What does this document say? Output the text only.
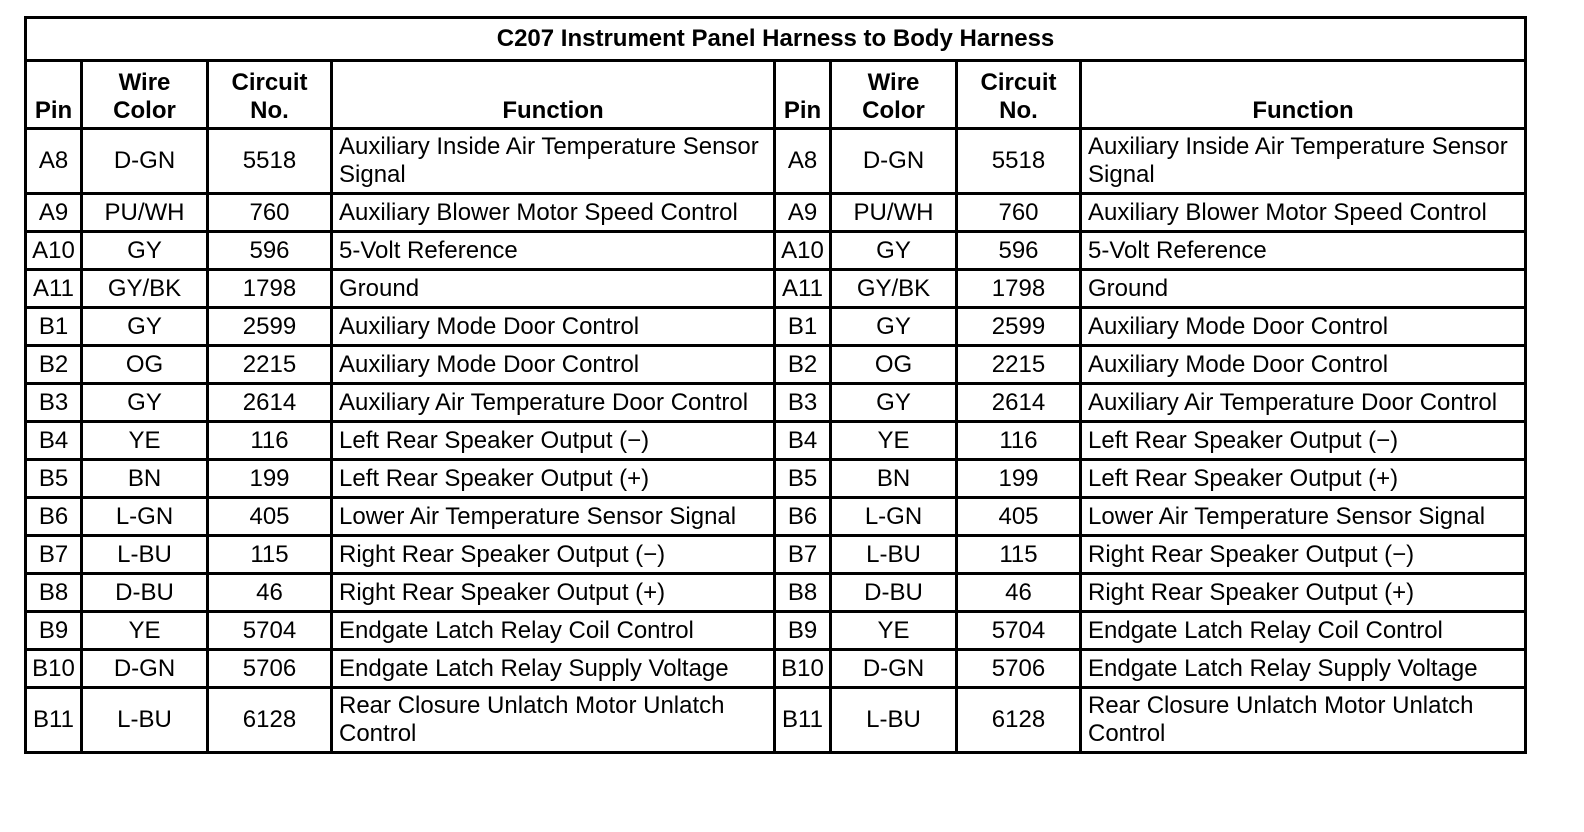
C207 Instrument Panel Harness to Body Harness							
Pin	Wire Color	Circuit No.	Function	Pin	Wire Color	Circuit No.	Function
A8	D-GN	5518	Auxiliary Inside Air Temperature Sensor Signal	A8	D-GN	5518	Auxiliary Inside Air Temperature Sensor Signal
A9	PU/WH	760	Auxiliary Blower Motor Speed Control	A9	PU/WH	760	Auxiliary Blower Motor Speed Control
A10	GY	596	5-Volt Reference	A10	GY	596	5-Volt Reference
A11	GY/BK	1798	Ground	A11	GY/BK	1798	Ground
B1	GY	2599	Auxiliary Mode Door Control	B1	GY	2599	Auxiliary Mode Door Control
B2	OG	2215	Auxiliary Mode Door Control	B2	OG	2215	Auxiliary Mode Door Control
B3	GY	2614	Auxiliary Air Temperature Door Control	B3	GY	2614	Auxiliary Air Temperature Door Control
B4	YE	116	Left Rear Speaker Output (−)	B4	YE	116	Left Rear Speaker Output (−)
B5	BN	199	Left Rear Speaker Output (+)	B5	BN	199	Left Rear Speaker Output (+)
B6	L-GN	405	Lower Air Temperature Sensor Signal	B6	L-GN	405	Lower Air Temperature Sensor Signal
B7	L-BU	115	Right Rear Speaker Output (−)	B7	L-BU	115	Right Rear Speaker Output (−)
B8	D-BU	46	Right Rear Speaker Output (+)	B8	D-BU	46	Right Rear Speaker Output (+)
B9	YE	5704	Endgate Latch Relay Coil Control	B9	YE	5704	Endgate Latch Relay Coil Control
B10	D-GN	5706	Endgate Latch Relay Supply Voltage	B10	D-GN	5706	Endgate Latch Relay Supply Voltage
B11	L-BU	6128	Rear Closure Unlatch Motor Unlatch Control	B11	L-BU	6128	Rear Closure Unlatch Motor Unlatch Control
